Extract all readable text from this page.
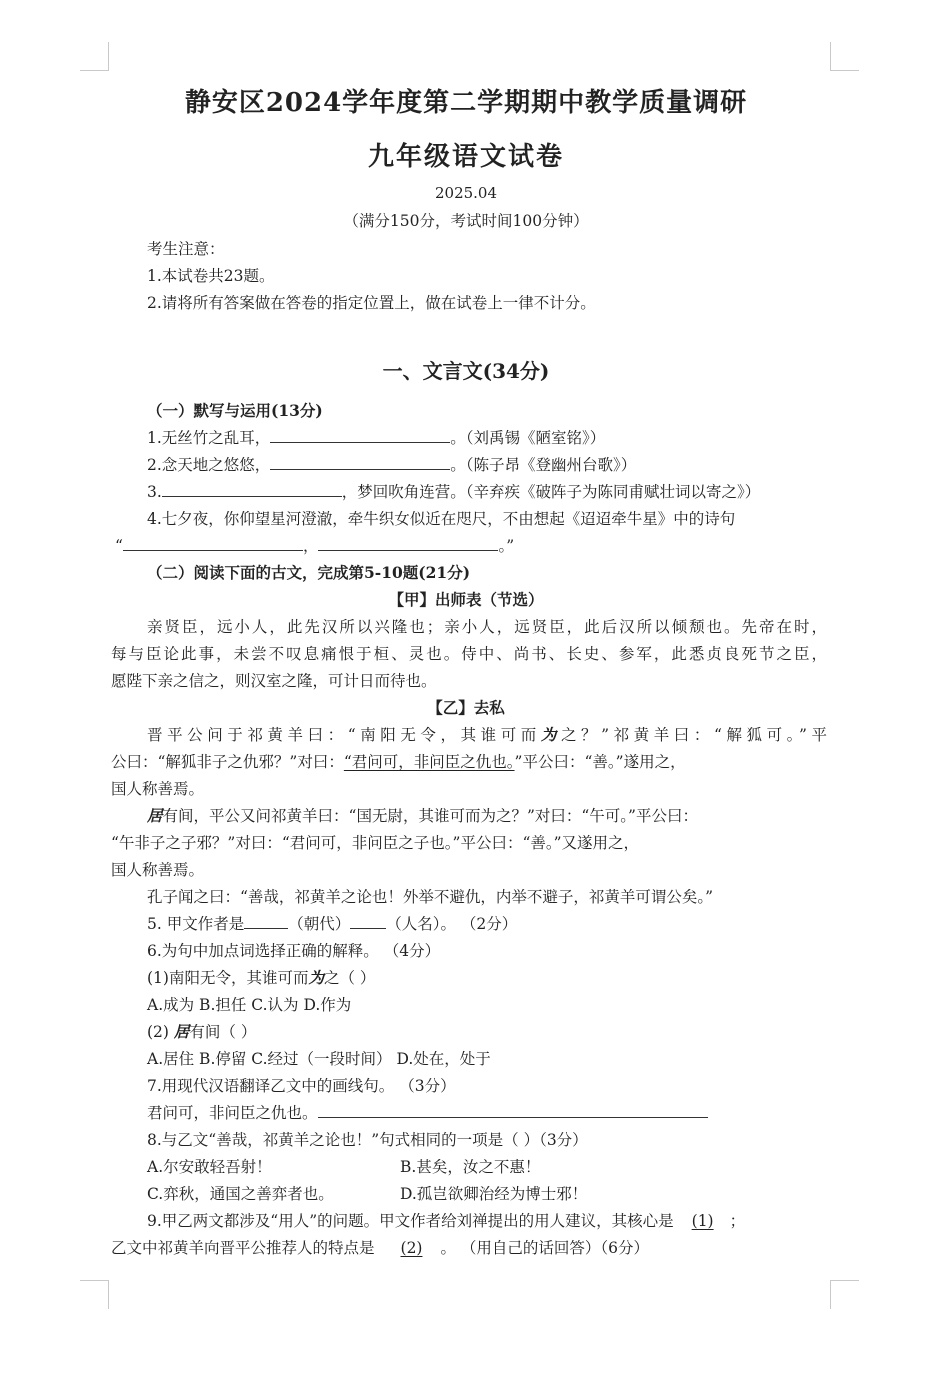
静安区2024学年度第二学期期中教学质量调研
九年级语文试卷
2025.04
（满分150分，考试时间100分钟）
考生注意：
1.本试卷共23题。
2.请将所有答案做在答卷的指定位置上，做在试卷上一律不计分。
一、文言文(34分)
（一）默写与运用(13分)
1.无丝竹之乱耳，	。（刘禹锡《陋室铭》）
2.念天地之悠悠，	。（陈子昂《登幽州台歌》）
3.	，梦回吹角连营。（辛弃疾《破阵子为陈同甫赋壮词以寄之》）
4.七夕夜，你仰望星河澄澈，牵牛织女似近在咫尺，不由想起《迢迢牵牛星》中的诗句
“	，	。”
（二）阅读下面的古文，完成第5-10题(21分)
【甲】出师表（节选）
亲贤臣，远小人，此先汉所以兴隆也；亲小人，远贤臣，此后汉所以倾颓也。先帝在时，
每与臣论此事，未尝不叹息痛恨于桓、灵也。侍中、尚书、长史、参军，此悉贞良死节之臣，
愿陛下亲之信之，则汉室之隆，可计日而待也。
【乙】去私
晋平公问于祁黄羊曰：“南阳无令，其谁可而为之？”祁黄羊曰：“解狐可。”平
公曰：“解狐非子之仇邪？”对曰：“君问可，非问臣之仇也。”平公曰：“善。”遂用之，
国人称善焉。
居有间，平公又问祁黄羊曰：“国无尉，其谁可而为之？”对曰：“午可。”平公曰：
“午非子之子邪？”对曰：“君问可，非问臣之子也。”平公曰：“善。”又遂用之，
国人称善焉。
孔子闻之曰：“善哉，祁黄羊之论也！外举不避仇，内举不避子，祁黄羊可谓公矣。”
5. 甲文作者是	（朝代） （人名）。 （2分）
6.为句中加点词选择正确的解释。 （4分）
(1)南阳无令，其谁可而为之（ ）
A.成为 B.担任 C.认为 D.作为
(2) 居有间（ ）
A.居住 B.停留 C.经过（一段时间） D.处在，处于
7.用现代汉语翻译乙文中的画线句。 （3分）
君问可，非问臣之仇也。
8.与乙文“善哉，祁黄羊之论也！”句式相同的一项是（ ）（3分）
A.尔安敢轻吾射！	B.甚矣，汝之不惠！
C.弈秋，通国之善弈者也。	D.孤岂欲卿治经为博士邪！
9.甲乙两文都涉及“用人”的问题。甲文作者给刘禅提出的用人建议，其核心是 (1) ；
乙文中祁黄羊向晋平公推荐人的特点是 (2) 。 （用自己的话回答）（6分）
